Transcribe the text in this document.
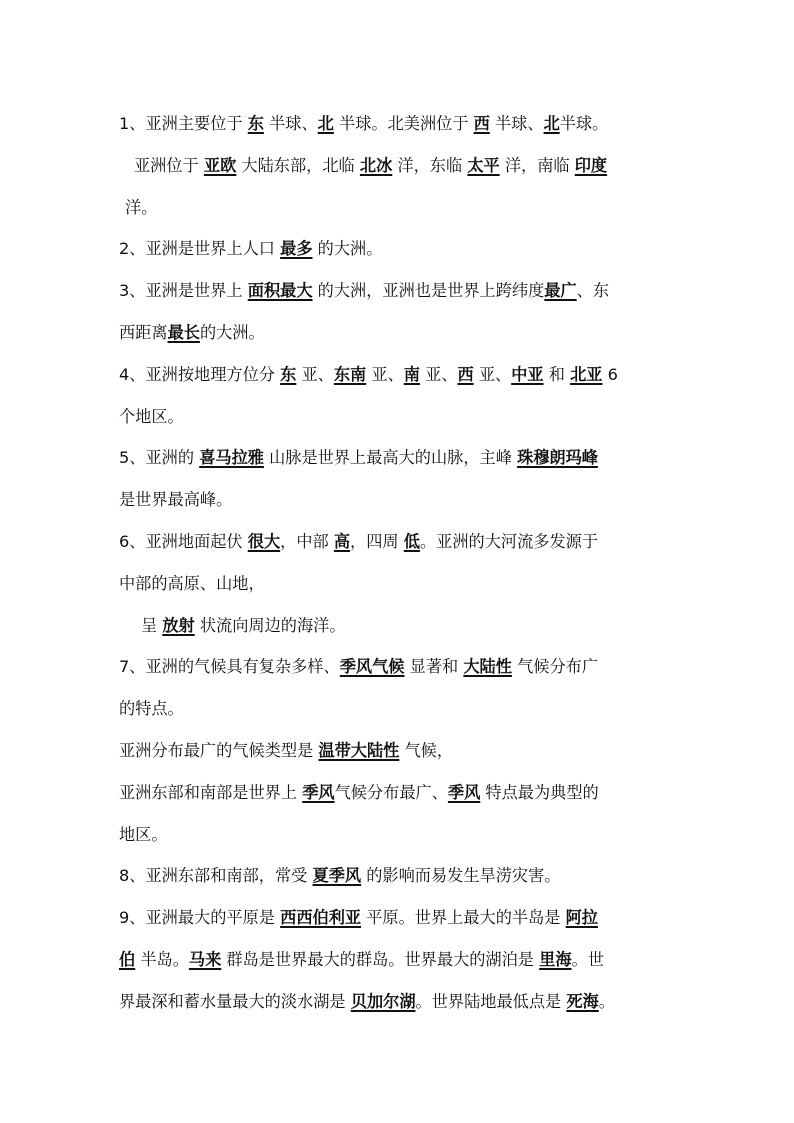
1、亚洲主要位于 东 半球、北 半球。北美洲位于 西 半球、北半球。

亚洲位于 亚欧 大陆东部，北临 北冰 洋，东临 太平 洋，南临 印度

洋。

2、亚洲是世界上人口 最多 的大洲。

3、亚洲是世界上 面积最大 的大洲，亚洲也是世界上跨纬度最广、东

西距离最长的大洲。

4、亚洲按地理方位分 东 亚、东南 亚、南 亚、西 亚、中亚 和 北亚 6

个地区。

5、亚洲的 喜马拉雅 山脉是世界上最高大的山脉，主峰 珠穆朗玛峰

是世界最高峰。

6、亚洲地面起伏 很大，中部 高，四周 低。亚洲的大河流多发源于

中部的高原、山地，

呈 放射 状流向周边的海洋。

7、亚洲的气候具有复杂多样、季风气候 显著和 大陆性 气候分布广

的特点。

亚洲分布最广的气候类型是 温带大陆性 气候，

亚洲东部和南部是世界上 季风气候分布最广、季风 特点最为典型的

地区。

8、亚洲东部和南部，常受 夏季风 的影响而易发生旱涝灾害。

9、亚洲最大的平原是 西西伯利亚 平原。世界上最大的半岛是 阿拉

伯 半岛。马来 群岛是世界最大的群岛。世界最大的湖泊是 里海。世

界最深和蓄水量最大的淡水湖是 贝加尔湖。世界陆地最低点是 死海。
